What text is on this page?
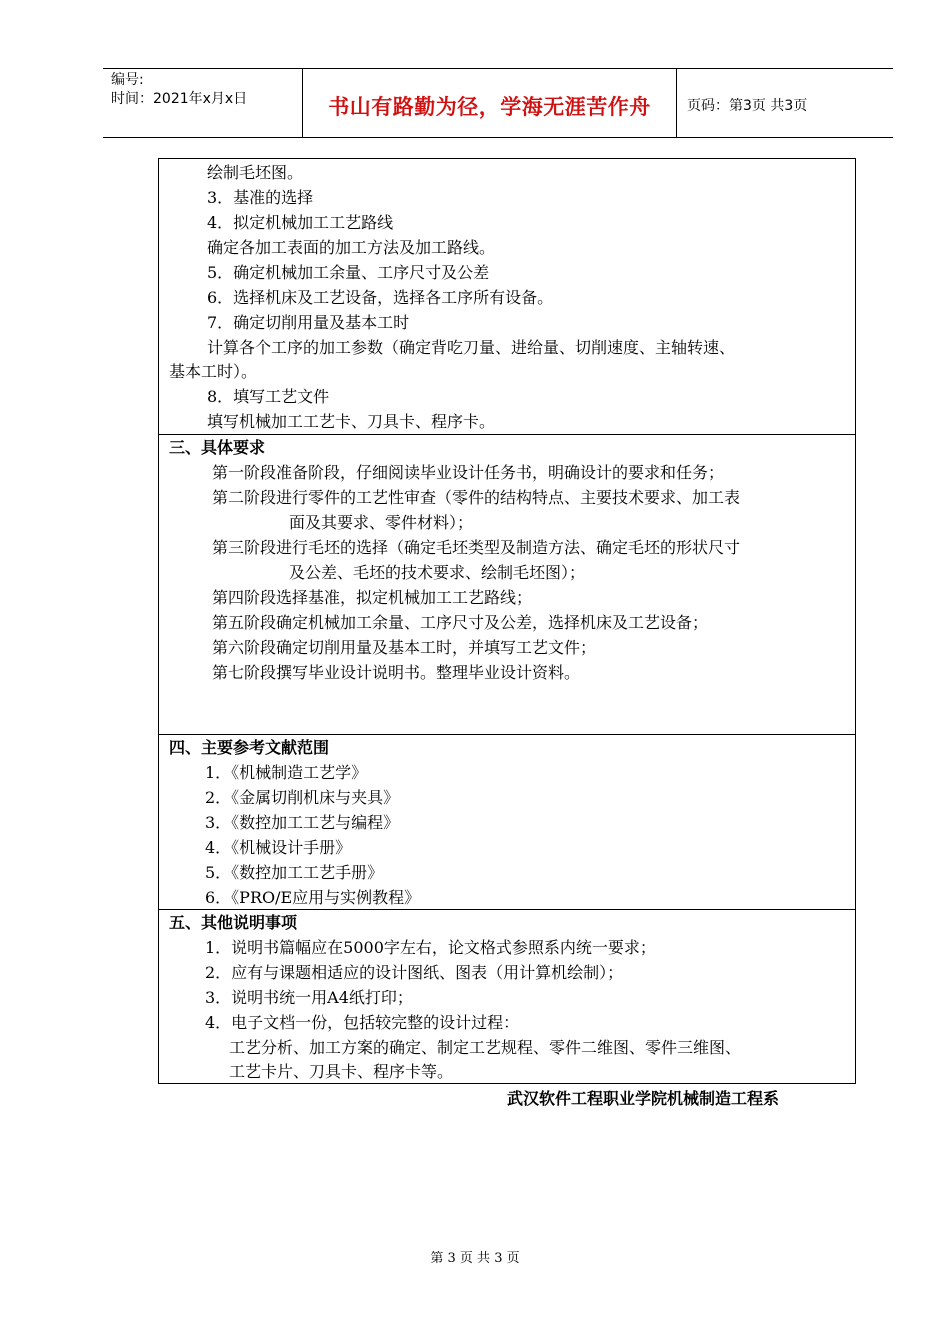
编号:
时间：2021年x月x日	书山有路勤为径，学海无涯苦作舟	页码：第3页 共3页
绘制毛坯图。
3．基准的选择
4．拟定机械加工工艺路线
确定各加工表面的加工方法及加工路线。
5．确定机械加工余量、工序尺寸及公差
6．选择机床及工艺设备，选择各工序所有设备。
7．确定切削用量及基本工时
计算各个工序的加工参数（确定背吃刀量、进给量、切削速度、主轴转速、
基本工时）。
8．填写工艺文件
填写机械加工工艺卡、刀具卡、程序卡。
三、具体要求
第一阶段准备阶段，仔细阅读毕业设计任务书，明确设计的要求和任务；
第二阶段进行零件的工艺性审查（零件的结构特点、主要技术要求、加工表
面及其要求、零件材料）；
第三阶段进行毛坯的选择（确定毛坯类型及制造方法、确定毛坯的形状尺寸
及公差、毛坯的技术要求、绘制毛坯图）；
第四阶段选择基准，拟定机械加工工艺路线；
第五阶段确定机械加工余量、工序尺寸及公差，选择机床及工艺设备；
第六阶段确定切削用量及基本工时，并填写工艺文件；
第七阶段撰写毕业设计说明书。整理毕业设计资料。
四、主要参考文献范围
1．《机械制造工艺学》
2．《金属切削机床与夹具》
3．《数控加工工艺与编程》
4．《机械设计手册》
5．《数控加工工艺手册》
6．《PRO/E应用与实例教程》
五、其他说明事项
1．说明书篇幅应在5000字左右，论文格式参照系内统一要求；
2．应有与课题相适应的设计图纸、图表（用计算机绘制）；
3．说明书统一用A4纸打印；
4．电子文档一份，包括较完整的设计过程：
工艺分析、加工方案的确定、制定工艺规程、零件二维图、零件三维图、
工艺卡片、刀具卡、程序卡等。
武汉软件工程职业学院机械制造工程系
第 3 页 共 3 页
